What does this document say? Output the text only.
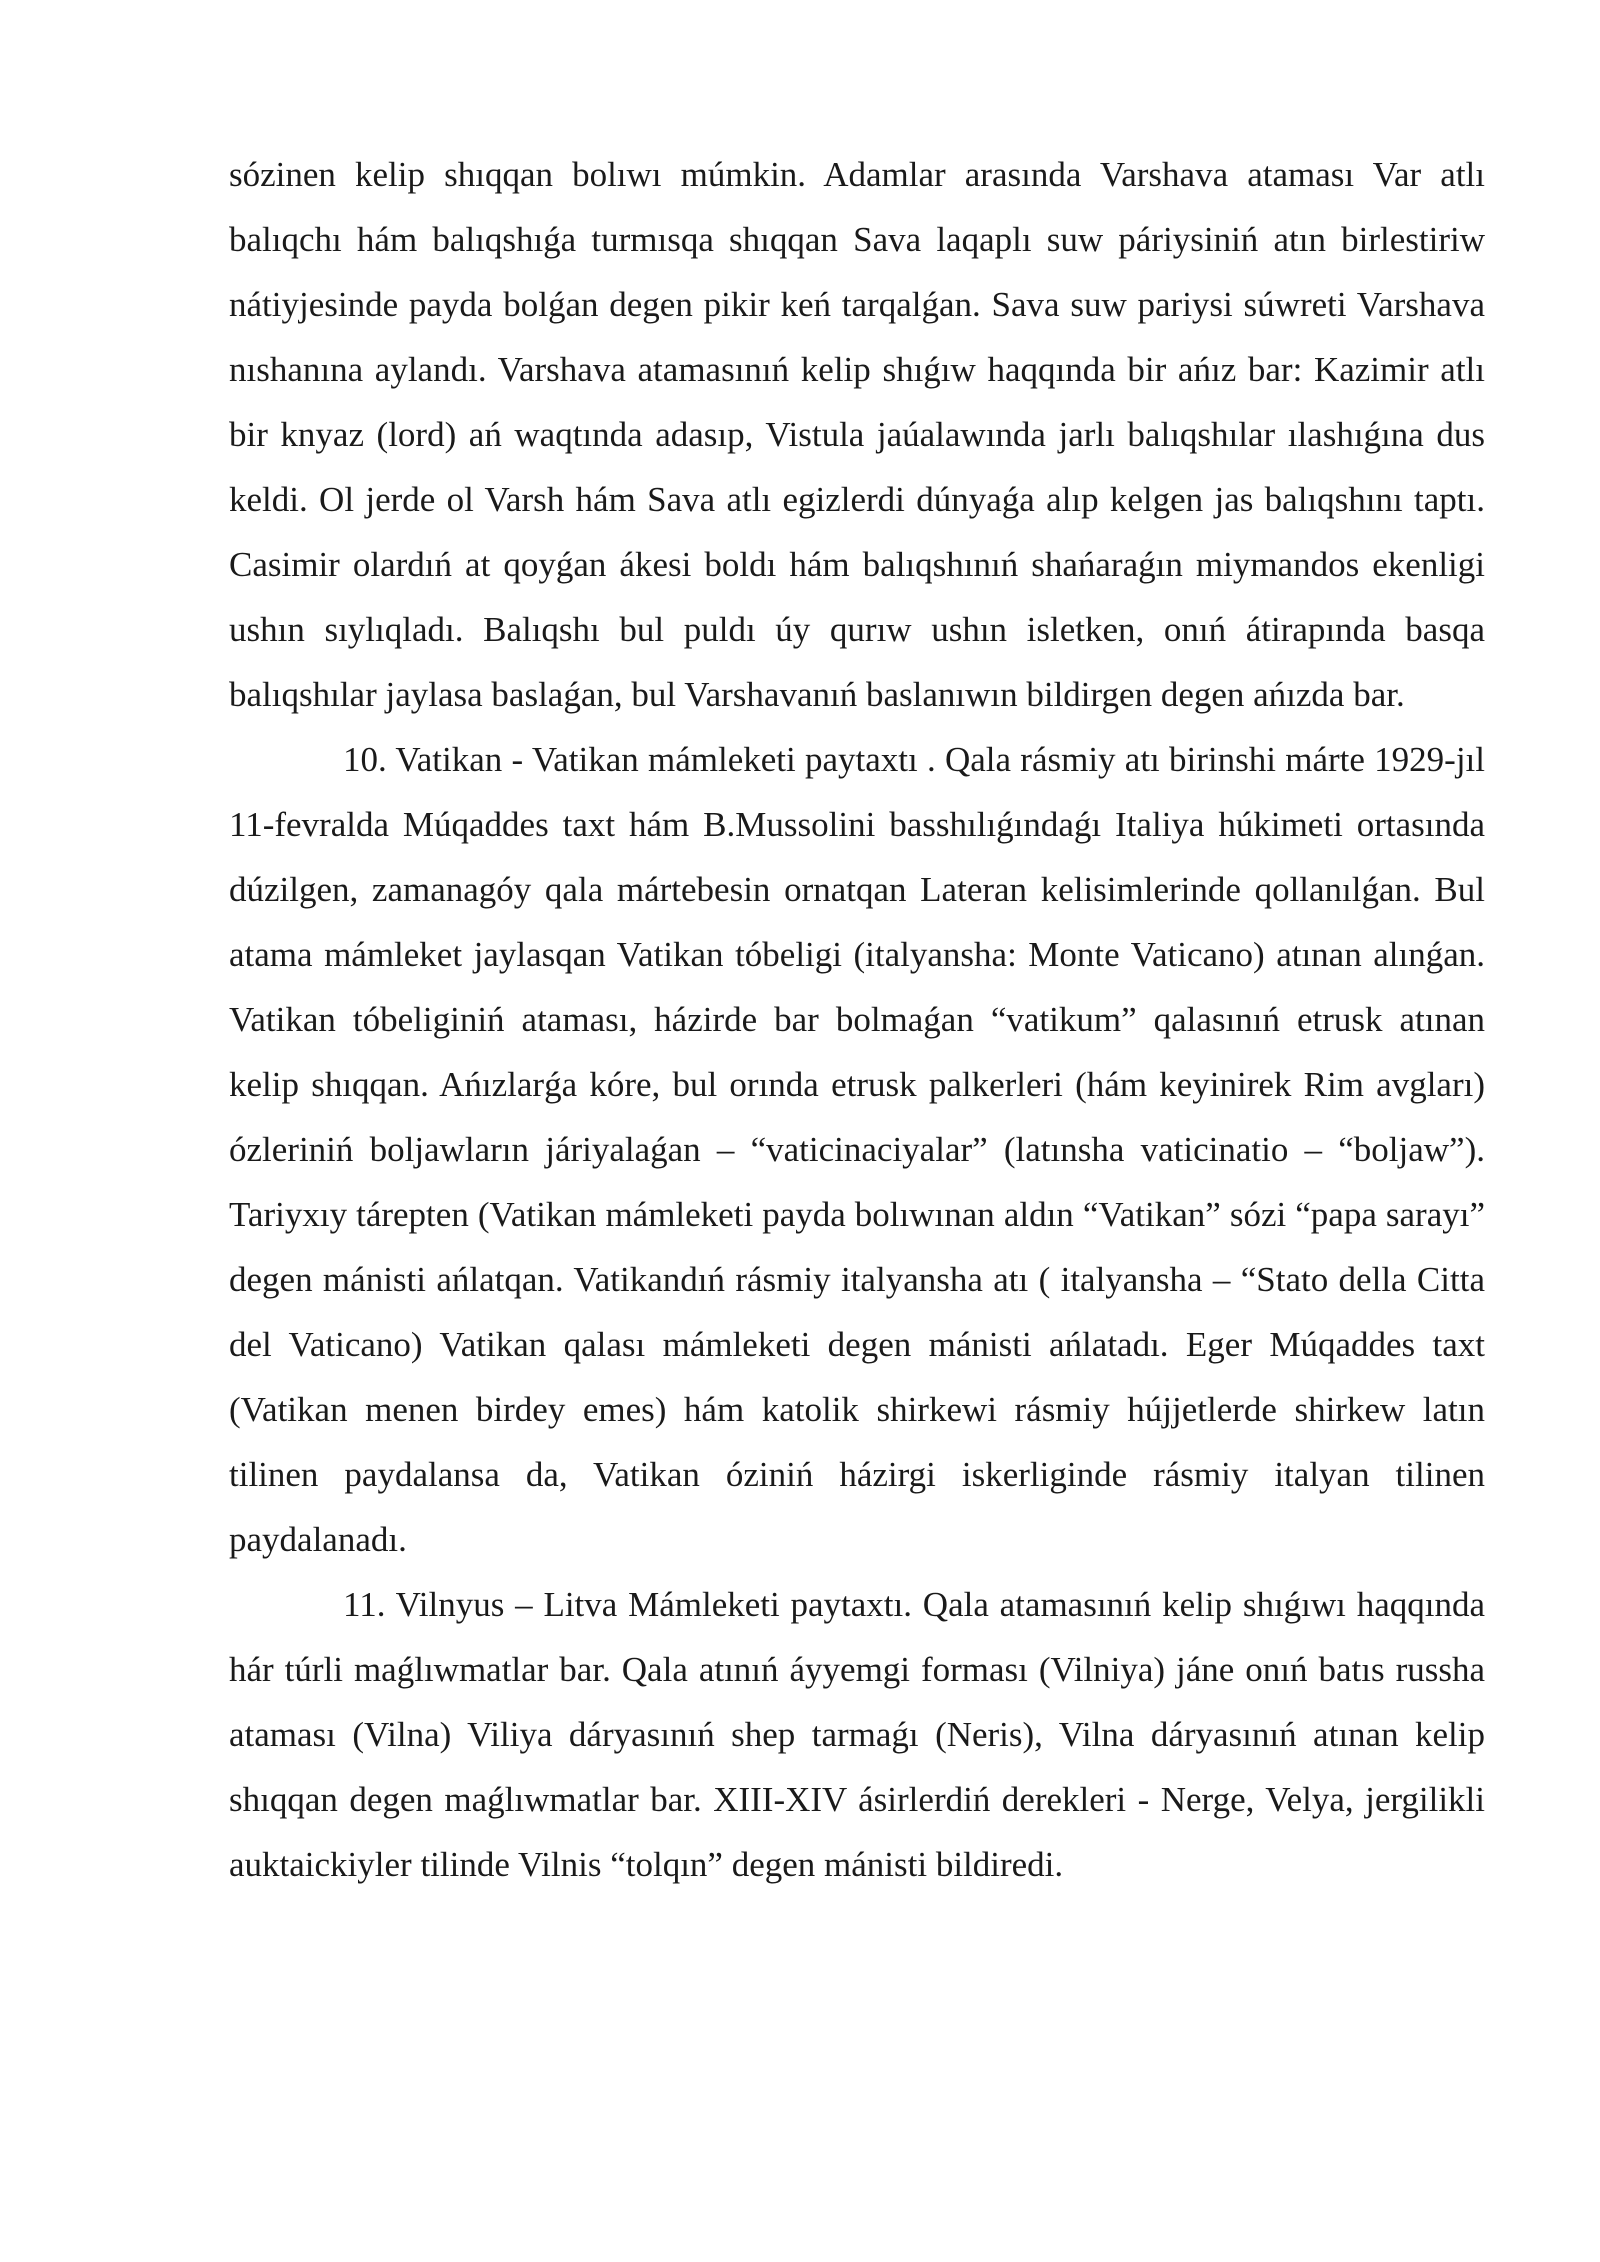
sózinen kelip shıqqan bolıwı múmkin. Adamlar arasında Varshava ataması Var atlı balıqchı hám balıqshıǵa turmısqa shıqqan Sava laqaplı suw páriysiniń atın birlestiriw nátiyjesinde payda bolǵan degen pikir keń tarqalǵan. Sava suw pariysi súwreti Varshava nıshanına aylandı. Varshava atamasınıń kelip shıǵıw haqqında bir ańız bar: Kazimir atlı bir knyaz (lord) ań waqtında adasıp, Vistula jaúalawında jarlı balıqshılar ılashıǵına dus keldi. Ol jerde ol Varsh hám Sava atlı egizlerdi dúnyaǵa alıp kelgen jas balıqshını taptı. Casimir olardıń at qoyǵan ákesi boldı hám balıqshınıń shańaraǵın miymandos ekenligi ushın sıylıqladı. Balıqshı bul puldı úy qurıw ushın isletken, onıń átirapında basqa balıqshılar jaylasa baslaǵan, bul Varshavanıń baslanıwın bildirgen degen ańızda bar.

10. Vatikan - Vatikan mámleketi paytaxtı . Qala rásmiy atı birinshi márte 1929-jıl 11-fevralda Múqaddes taxt hám B.Mussolini basshılıǵındaǵı Italiya húkimeti ortasında dúzilgen, zamanagóy qala mártebesin ornatqan Lateran kelisimlerinde qollanılǵan. Bul atama mámleket jaylasqan Vatikan tóbeligi (italyansha: Monte Vaticano) atınan alınǵan. Vatikan tóbeliginiń ataması, házirde bar bolmaǵan “vatikum” qalasınıń etrusk atınan kelip shıqqan. Ańızlarǵa kóre, bul orında etrusk palkerleri (hám keyinirek Rim avgları) ózleriniń boljawların járiyalaǵan – “vaticinaciyalar” (latınsha vaticinatio – “boljaw”). Tariyxıy tárepten (Vatikan mámleketi payda bolıwınan aldın “Vatikan” sózi “papa sarayı” degen mánisti ańlatqan. Vatikandıń rásmiy italyansha atı ( italyansha – “Stato della Citta del Vaticano) Vatikan qalası mámleketi degen mánisti ańlatadı. Eger Múqaddes taxt (Vatikan menen birdey emes) hám katolik shirkewi rásmiy hújjetlerde shirkew latın tilinen paydalansa da, Vatikan óziniń házirgi iskerliginde rásmiy italyan tilinen paydalanadı.

11. Vilnyus – Litva Mámleketi paytaxtı. Qala atamasınıń kelip shıǵıwı haqqında hár túrli maǵlıwmatlar bar. Qala atınıń áyyemgi forması (Vilniya) jáne onıń batıs russha ataması (Vilna) Viliya dáryasınıń shep tarmaǵı (Neris), Vilna dáryasınıń atınan kelip shıqqan degen maǵlıwmatlar bar. XIII-XIV ásirlerdiń derekleri - Nerge, Velya, jergilikli auktaickiyler tilinde Vilnis “tolqın” degen mánisti bildiredi.
